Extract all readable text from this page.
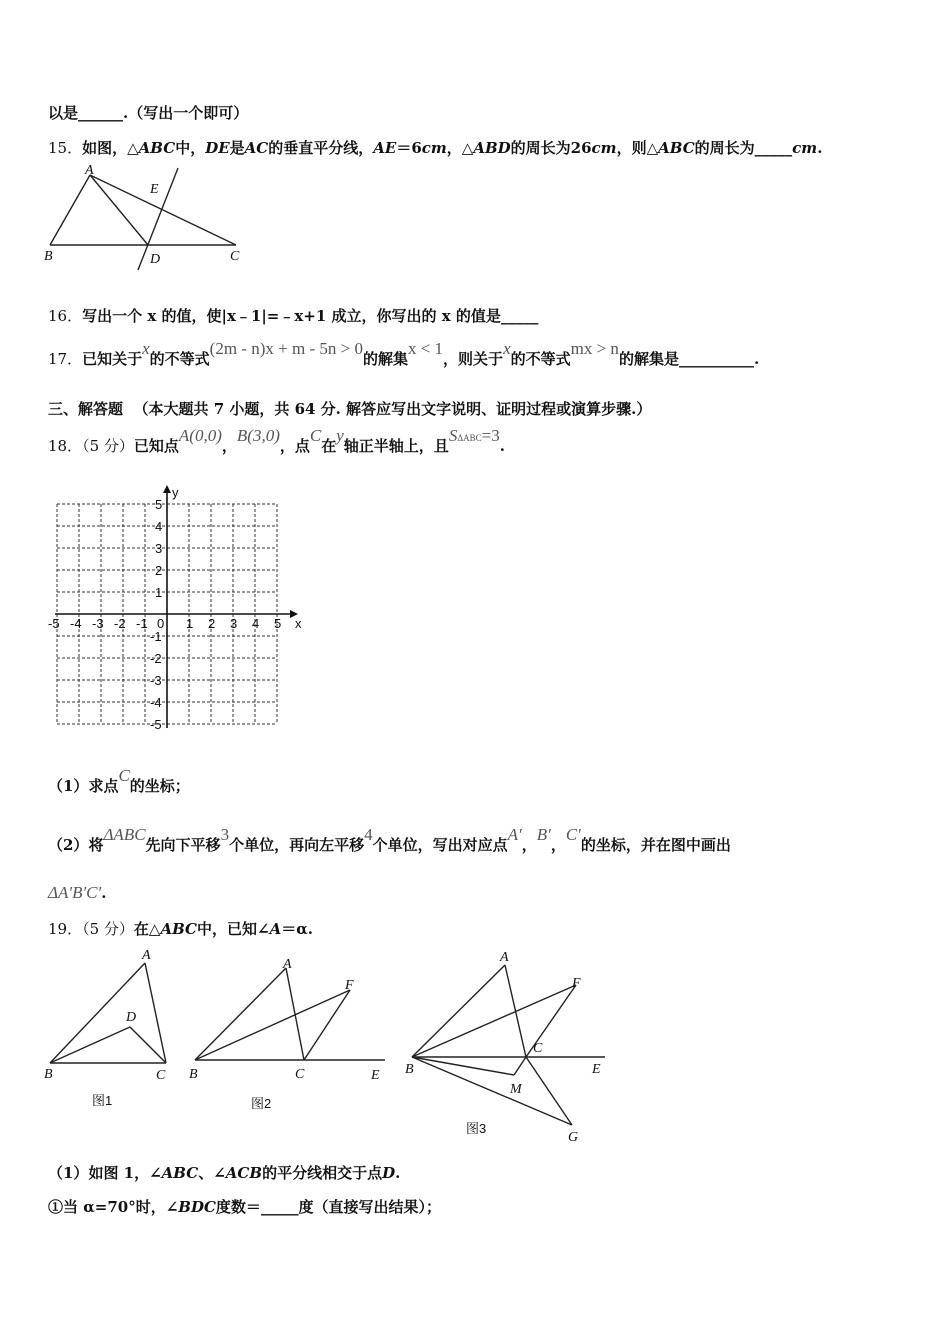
以是______.（写出一个即可）
15．如图，△ABC中，DE是AC的垂直平分线，AE＝6cm，△ABD的周长为26cm，则△ABC的周长为_____cm.
A
B	C
D
E
16．写出一个 x 的值，使|x﹣1|=﹣x+1 成立，你写出的 x 的值是_____
17．已知关于x的不等式(2m - n)x + m - 5n > 0的解集x < 1，则关于x的不等式mx > n的解集是__________.
三、解答题 （本大题共 7 小题，共 64 分. 解答应写出文字说明、证明过程或演算步骤.）
18．（5 分）已知点A(0,0)，B(3,0)，点C在y轴正半轴上，且$S^{\Delta ABC}=3$.
x
y
-5 -4 -3 -2 -1	1 2 3 4 5
5
4
3
2
1
-1
-2
-3
-4
-5
0
（1）求点C的坐标；
（2）将ΔABC先向下平移3个单位，再向左平移4个单位，写出对应点A′，B′，C′的坐标，并在图中画出
ΔA′B′C′.
19．（5 分）在△ABC中，已知∠A＝α.
A
B	C
D
图1
A
B	C	E
F
图2
A
B
C
E
F
M
G
图3
（1）如图 1，∠ABC、∠ACB的平分线相交于点D.
①当 α=70°时，∠BDC度数＝_____度（直接写出结果）；
